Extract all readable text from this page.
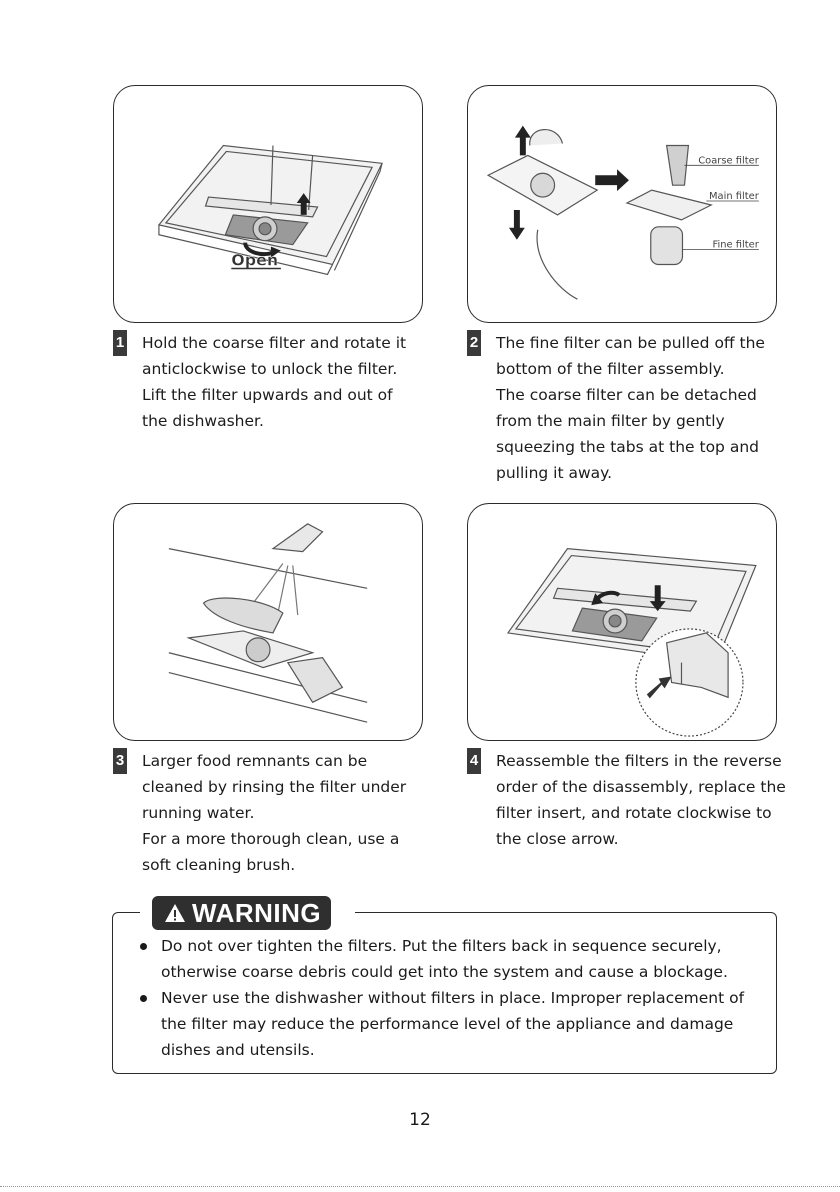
Open
Coarse filter
Main filter
Fine filter
1 Hold the coarse filter and rotate it

anticlockwise to unlock the filter.

Lift the filter upwards and out of

the dishwasher.

2 The fine filter can be pulled off the

bottom of the filter assembly.

The coarse filter can be detached

from the main filter by gently

squeezing the tabs at the top and

pulling it away.

3 Larger food remnants can be

cleaned by rinsing the filter under

running water.

For a more thorough clean, use a

soft cleaning brush.

4 Reassemble the filters in the reverse

order of the disassembly, replace the

filter insert, and rotate clockwise to

the close arrow.

WARNING
Do not over tighten the filters. Put the filters back in sequence securely,
otherwise coarse debris could get into the system and cause a blockage.
Never use the dishwasher without filters in place. Improper replacement of
the filter may reduce the performance level of the appliance and damage
dishes and utensils.
12
